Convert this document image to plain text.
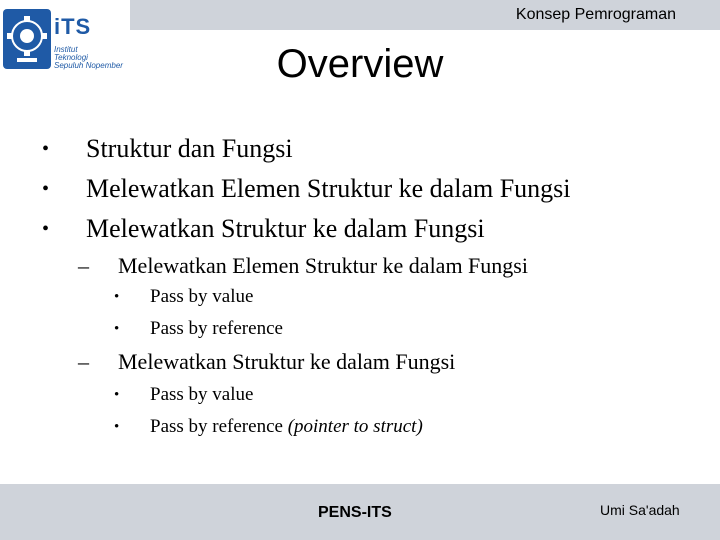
Konsep Pemrograman
iTS
Institut
Teknologi
Sepuluh Nopember	Overview
• Struktur dan Fungsi
• Melewatkan Elemen Struktur ke dalam Fungsi
• Melewatkan Struktur ke dalam Fungsi
– Melewatkan Elemen Struktur ke dalam Fungsi
• Pass by value
• Pass by reference
– Melewatkan Struktur ke dalam Fungsi
• Pass by value
• Pass by reference (pointer to struct)
PENS-ITS	Umi Sa'adah
